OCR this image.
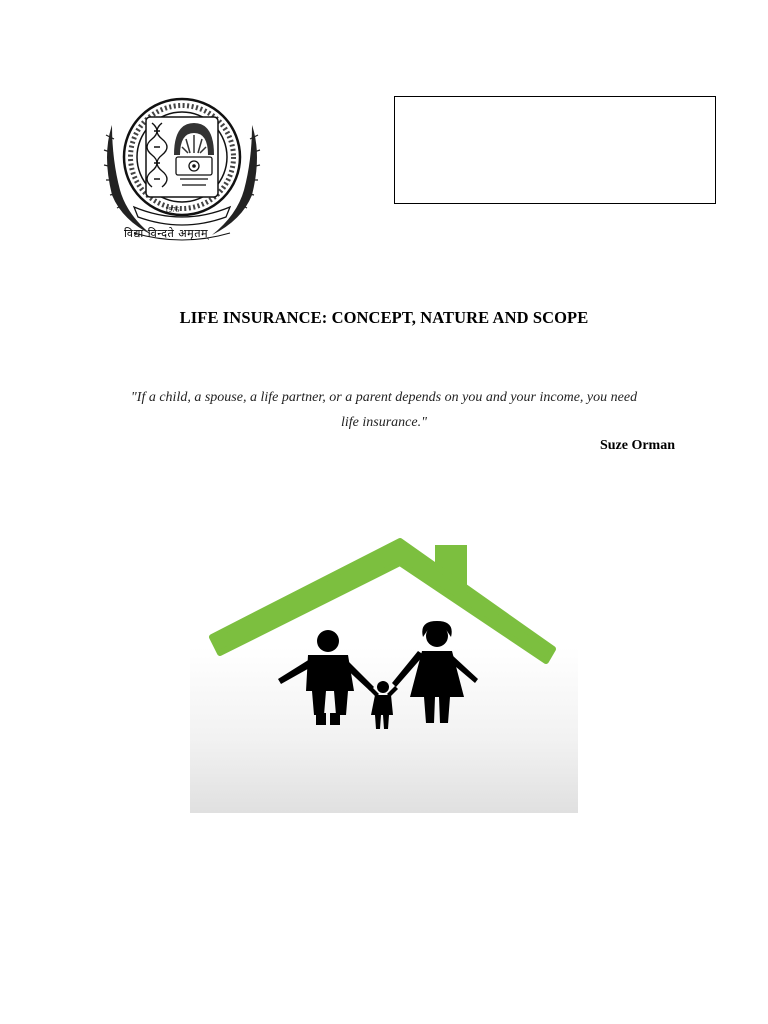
1976
विद्या विन्दते अमृतम्
LIFE INSURANCE: CONCEPT, NATURE AND SCOPE
"If a child, a spouse, a life partner, or a parent depends on you and your income, you need
life insurance."
Suze Orman
